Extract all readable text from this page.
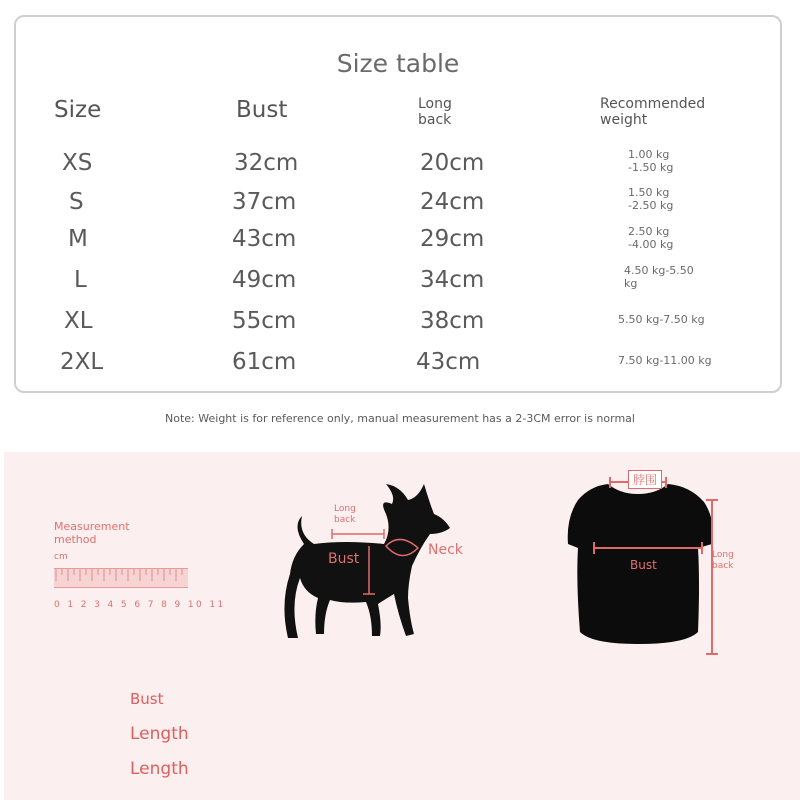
Size table
Size	Bust	Long
back
Recommended
weight
XS	32cm	20cm	1.00 kg
-1.50 kg
S	37cm	24cm	1.50 kg
-2.50 kg
M	43cm	29cm	2.50 kg
-4.00 kg
L	49cm	34cm	4.50 kg-5.50
kg
XL	55cm	38cm	5.50 kg-7.50 kg
2XL	61cm	43cm	7.50 kg-11.00 kg
Note: Weight is for reference only, manual measurement has a 2-3CM error is normal
Measurement
method
cm
0 1 2 3 4 5 6 7 8 9 10 11
Long
back
Bust
Neck
脖围
Bust
Long
back
Bust
Length
Length
